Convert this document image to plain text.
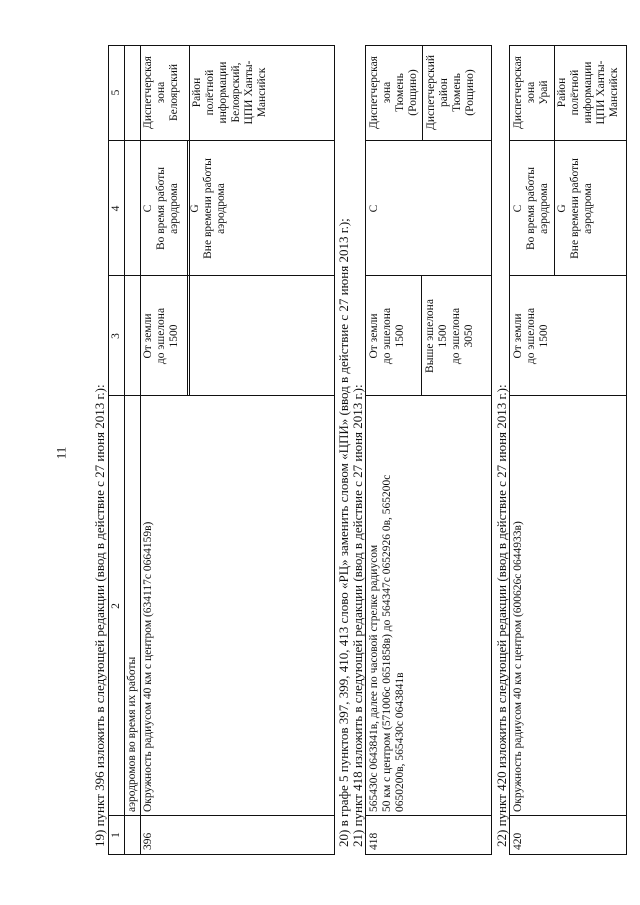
11
1
2
3
4
5
аэродромов во время их работы
396
Окружность радиусом 40 км с центром (634117с 0664159в)
От земли до эшелона 1500
С Во время работы аэродрома G Вне времени работы аэродрома
Диспетчерская зона Белоярский Район полётной информации Белоярский, ЦПИ Ханты- Мансийск
19) пункт 396 изложить в следующей редакции (ввод в действие с 27 июня 2013 г.):	20) в графе 5 пунктов 397, 399, 410, 413 слово «РЦ» заменить словом «ЦПИ» (ввод в действие с 27 июня 2013 г.); 21) пункт 418 изложить в следующей редакции (ввод в действие с 27 июня 2013 г.): 418
565430с 0643841в, далее по часовой стрелке радиусом 50 км с центром (571006с 0651858в) до 564347с 0652926 0в, 565200с 0650200в, 565430с 0643841в
От земли до эшелона 1500 Выше эшелона 1500 до эшелона 3050
С
Диспетчерская зона Тюмень (Рощино) Диспетчерский район Тюмень (Рощино)
22) пункт 420 изложить в следующей редакции (ввод в действие с 27 июня 2013 г.): 420
Окружность радиусом 40 км с центром (600626с 0644933в)
От земли до эшелона 1500
С Во время работы аэродрома G Вне времени работы аэродрома
Диспетчерская зона Урай Район полётной информации ЦПИ Ханты- Мансийск
